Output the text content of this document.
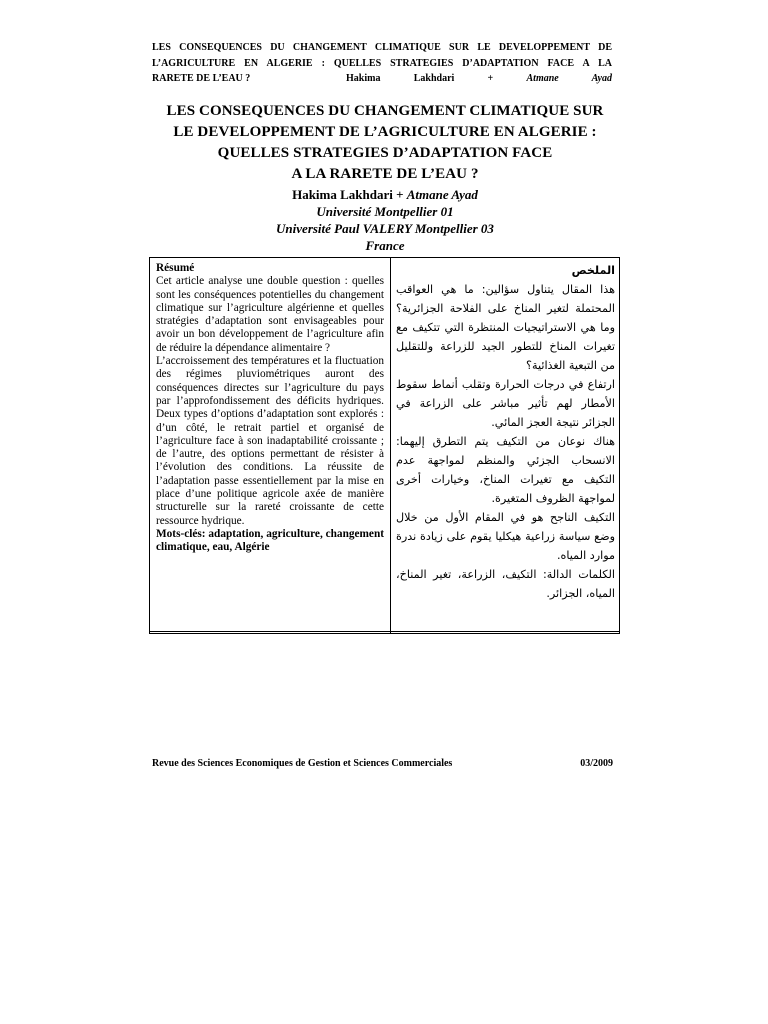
LES CONSEQUENCES DU CHANGEMENT CLIMATIQUE SUR LE DEVELOPPEMENT DE
L’AGRICULTURE EN ALGERIE : QUELLES STRATEGIES D’ADAPTATION FACE A LA
RARETE DE L’EAU ?	Hakima Lakhdari +	Atmane Ayad
LES CONSEQUENCES DU CHANGEMENT CLIMATIQUE SUR
LE DEVELOPPEMENT DE L’AGRICULTURE EN ALGERIE :
QUELLES STRATEGIES D’ADAPTATION FACE
A LA RARETE DE L’EAU ?
Hakima Lakhdari + Atmane Ayad
Université Montpellier 01
Université Paul VALERY Montpellier 03
France
Résumé

Cet article analyse une double question : quelles sont les conséquences potentielles du changement climatique sur l’agriculture algérienne et quelles stratégies d’adaptation sont envisageables pour avoir un bon développement de l’agriculture afin de réduire la dépendance alimentaire ?

L’accroissement des températures et la fluctuation des régimes pluviométriques auront des conséquences directes sur l’agriculture du pays par l’approfondissement des déficits hydriques. Deux types d’options d’adaptation sont explorés : d’un côté, le retrait partiel et organisé de l’agriculture face à son inadaptabilité croissante ; de l’autre, des options permettant de résister à l’évolution des conditions. La réussite de l’adaptation passe essentiellement par la mise en place d’une politique agricole axée de manière structurelle sur la rareté croissante de cette ressource hydrique.

Mots-clés: adaptation, agriculture, changement climatique, eau, Algérie

الملخص

هذا المقال يتناول سؤالين: ما هي العواقب المحتملة لتغير المناخ على الفلاحة الجزائرية؟ وما هي الاستراتيجيات المنتظرة التي تتكيف مع تغيرات المناخ للتطور الجيد للزراعة وللتقليل من التبعية الغذائية؟

ارتفاع في درجات الحرارة وتقلب أنماط سقوط الأمطار لهم تأثير مباشر على الزراعة في الجزائر نتيجة العجز المائي.

هناك نوعان من التكيف يتم التطرق إليهما: الانسحاب الجزئي والمنظم لمواجهة عدم التكيف مع تغيرات المناخ، وخيارات أخرى لمواجهة الظروف المتغيرة.

التكيف الناجح هو في المقام الأول من خلال وضع سياسة زراعية هيكليا يقوم على زيادة ندرة موارد المياه.

الكلمات الدالة: التكيف، الزراعة، تغير المناخ، المياه، الجزائر.

Revue des Sciences Economiques de Gestion et Sciences Commerciales	03/2009
